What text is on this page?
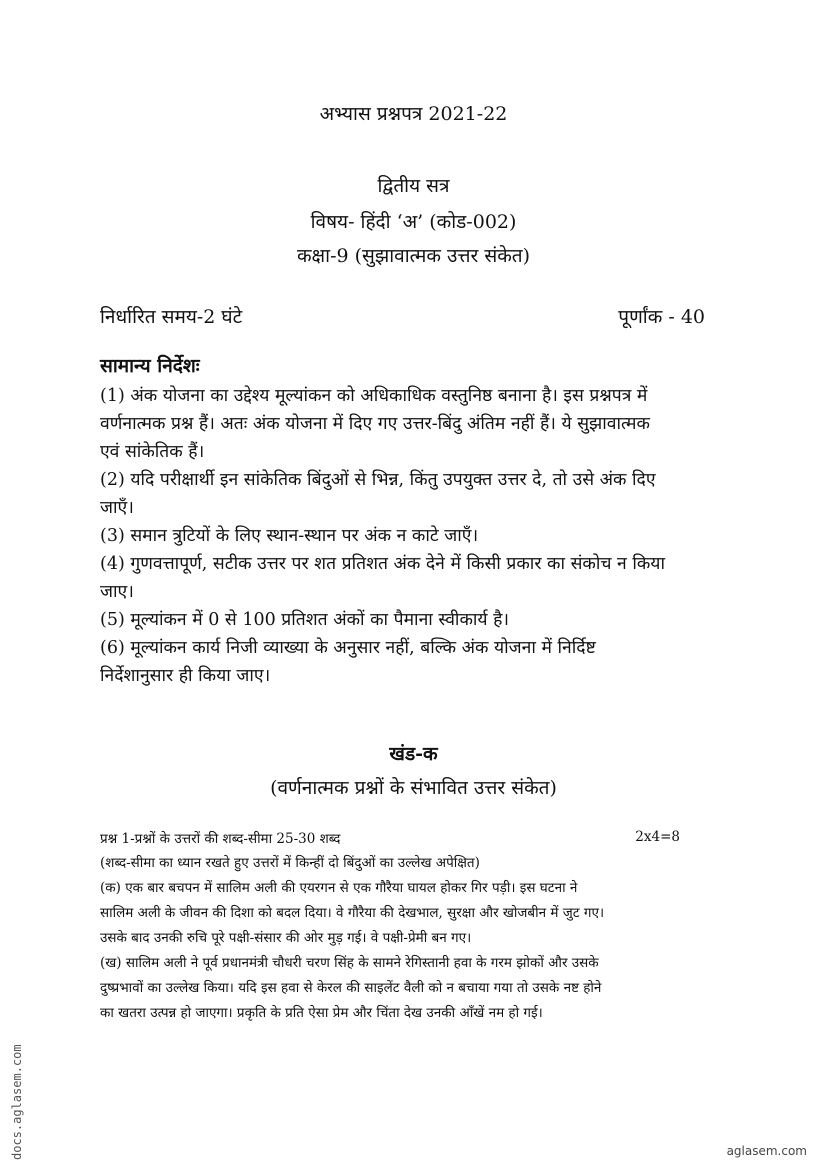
अभ्यास प्रश्नपत्र 2021-22
द्वितीय सत्र
विषय- हिंदी ‘अ’ (कोड-002)
कक्षा-9 (सुझावात्मक उत्तर संकेत)
निर्धारित समय-2 घंटे	पूर्णांक - 40
सामान्य निर्देशः
(1) अंक योजना का उद्देश्य मूल्यांकन को अधिकाधिक वस्तुनिष्ठ बनाना है। इस प्रश्नपत्र में
वर्णनात्मक प्रश्न हैं। अतः अंक योजना में दिए गए उत्तर-बिंदु अंतिम नहीं हैं। ये सुझावात्मक
एवं सांकेतिक हैं।
(2) यदि परीक्षार्थी इन सांकेतिक बिंदुओं से भिन्न, किंतु उपयुक्त उत्तर दे, तो उसे अंक दिए
जाएँ।
(3) समान त्रुटियों के लिए स्थान-स्थान पर अंक न काटे जाएँ।
(4) गुणवत्तापूर्ण, सटीक उत्तर पर शत प्रतिशत अंक देने में किसी प्रकार का संकोच न किया
जाए।
(5) मूल्यांकन में 0 से 100 प्रतिशत अंकों का पैमाना स्वीकार्य है।
(6) मूल्यांकन कार्य निजी व्याख्या के अनुसार नहीं, बल्कि अंक योजना में निर्दिष्ट
निर्देशानुसार ही किया जाए।
खंड-क
(वर्णनात्मक प्रश्नों के संभावित उत्तर संकेत)
प्रश्न 1-प्रश्नों के उत्तरों की शब्द-सीमा 25-30 शब्द	2x4=8
(शब्द-सीमा का ध्यान रखते हुए उत्तरों में किन्हीं दो बिंदुओं का उल्लेख अपेक्षित)
(क) एक बार बचपन में सालिम अली की एयरगन से एक गौरैया घायल होकर गिर पड़ी। इस घटना ने
सालिम अली के जीवन की दिशा को बदल दिया। वे गौरैया की देखभाल, सुरक्षा और खोजबीन में जुट गए।
उसके बाद उनकी रुचि पूरे पक्षी-संसार की ओर मुड़ गई। वे पक्षी-प्रेमी बन गए।
(ख) सालिम अली ने पूर्व प्रधानमंत्री चौधरी चरण सिंह के सामने रेगिस्तानी हवा के गरम झोकों और उसके
दुष्प्रभावों का उल्लेख किया। यदि इस हवा से केरल की साइलेंट वैली को न बचाया गया तो उसके नष्ट होने
का खतरा उत्पन्न हो जाएगा। प्रकृति के प्रति ऐसा प्रेम और चिंता देख उनकी आँखें नम हो गई।
docs.aglasem.com	aglasem.com
